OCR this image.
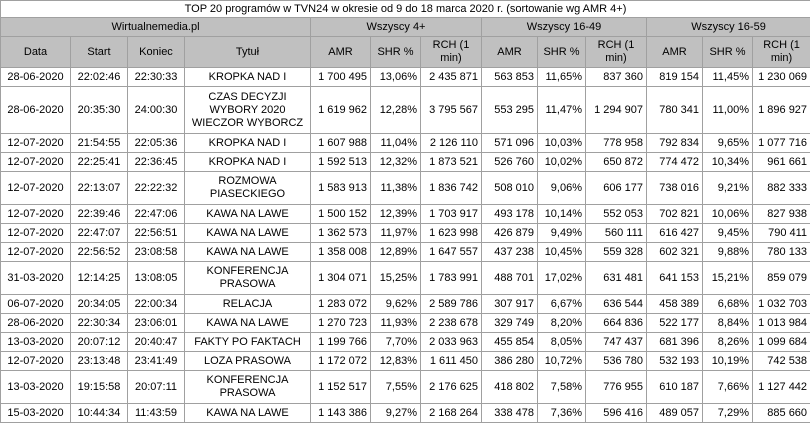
TOP 20 programów w TVN24 w okresie od 9 do 18 marca 2020 r. (sortowanie wg AMR 4+)												
Wirtualnemedia.pl				Wszyscy 4+			Wszyscy 16-49			Wszyscy 16-59		
Data	Start	Koniec	Tytuł	AMR	SHR %	RCH (1 min)	AMR	SHR %	RCH (1 min)	AMR	SHR %	RCH (1 min)
28-06-2020	22:02:46	22:30:33	KROPKA NAD I	1 700 495	13,06%	2 435 871	563 853	11,65%	837 360	819 154	11,45%	1 230 069
28-06-2020	20:35:30	24:00:30	CZAS DECYZJI WYBORY 2020 WIECZOR WYBORCZ	1 619 962	12,28%	3 795 567	553 295	11,47%	1 294 907	780 341	11,00%	1 896 927
12-07-2020	21:54:55	22:05:36	KROPKA NAD I	1 607 988	11,04%	2 126 110	571 096	10,03%	778 958	792 834	9,65%	1 077 716
12-07-2020	22:25:41	22:36:45	KROPKA NAD I	1 592 513	12,32%	1 873 521	526 760	10,02%	650 872	774 472	10,34%	961 661
12-07-2020	22:13:07	22:22:32	ROZMOWA PIASECKIEGO	1 583 913	11,38%	1 836 742	508 010	9,06%	606 177	738 016	9,21%	882 333
12-07-2020	22:39:46	22:47:06	KAWA NA LAWE	1 500 152	12,39%	1 703 917	493 178	10,14%	552 053	702 821	10,06%	827 938
12-07-2020	22:47:07	22:56:51	KAWA NA LAWE	1 362 573	11,97%	1 623 998	426 879	9,49%	560 111	616 427	9,45%	790 411
12-07-2020	22:56:52	23:08:58	KAWA NA LAWE	1 358 008	12,89%	1 647 557	437 238	10,45%	559 328	602 321	9,88%	780 133
31-03-2020	12:14:25	13:08:05	KONFERENCJA PRASOWA	1 304 071	15,25%	1 783 991	488 701	17,02%	631 481	641 153	15,21%	859 079
06-07-2020	20:34:05	22:00:34	RELACJA	1 283 072	9,62%	2 589 786	307 917	6,67%	636 544	458 389	6,68%	1 032 703
28-06-2020	22:30:34	23:06:01	KAWA NA LAWE	1 270 723	11,93%	2 238 678	329 749	8,20%	664 836	522 177	8,84%	1 013 984
13-03-2020	20:07:12	20:40:47	FAKTY PO FAKTACH	1 199 766	7,70%	2 033 963	455 854	8,05%	747 437	681 396	8,26%	1 099 684
12-07-2020	23:13:48	23:41:49	LOZA PRASOWA	1 172 072	12,83%	1 611 450	386 280	10,72%	536 780	532 193	10,19%	742 538
13-03-2020	19:15:58	20:07:11	KONFERENCJA PRASOWA	1 152 517	7,55%	2 176 625	418 802	7,58%	776 955	610 187	7,66%	1 127 442
15-03-2020	10:44:34	11:43:59	KAWA NA LAWE	1 143 386	9,27%	2 168 264	338 478	7,36%	596 416	489 057	7,29%	885 660
